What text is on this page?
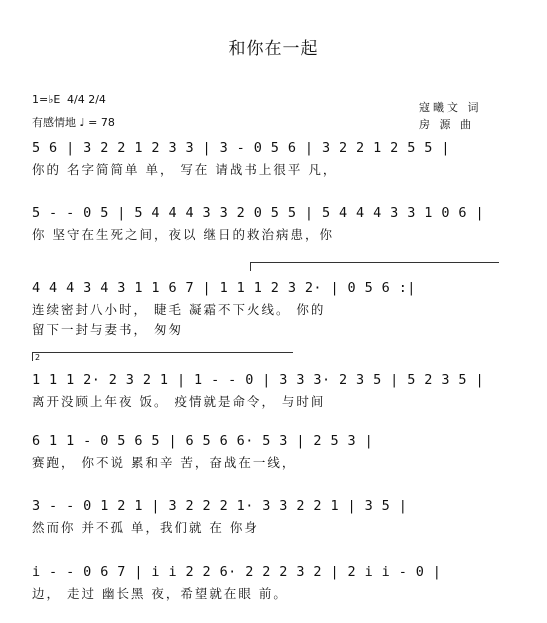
和你在一起
1=♭E 4/4 2/4
有感情地 ♩ = 78
寇曦文 词
房 源 曲
5 6 | 3 2 2 1 2 3 3 | 3 - 0 5 6 | 3 2 2 1 2 5 5 |
你的 名字简简单 单， 写在 请战书上很平 凡，
5 - - 0 5 | 5 4 4 4 3 3 2 0 5 5 | 5 4 4 4 3 3 1 0 6 |
你 坚守在生死之间，夜以 继日的救治病患，你
4 4 4 3 4 3 1 1 6 7 | 1 1 1 2 3 2· | 0 5 6 :|
连续密封八小时， 睫毛 凝霜不下火线。 你的
留下一封与妻书， 匆匆
2
1 1 1 2· 2 3 2 1 | 1 - - 0 | 3 3 3· 2 3 5 | 5 2 3 5 |
离开没顾上年夜 饭。 疫情就是命令， 与时间
6 1 1 - 0 5 6 5 | 6 5 6 6· 5 3 | 2 5 3 |
赛跑， 你不说 累和辛 苦，奋战在一线，
3 - - 0 1 2 1 | 3 2 2 2 1· 3 3 2 2 1 | 3 5 |
然而你 并不孤 单，我们就 在 你身
i - - 0 6 7 | i i 2 2 6· 2 2 2 3 2 | 2 i i - 0 |
边， 走过 幽长黑 夜，希望就在眼 前。
